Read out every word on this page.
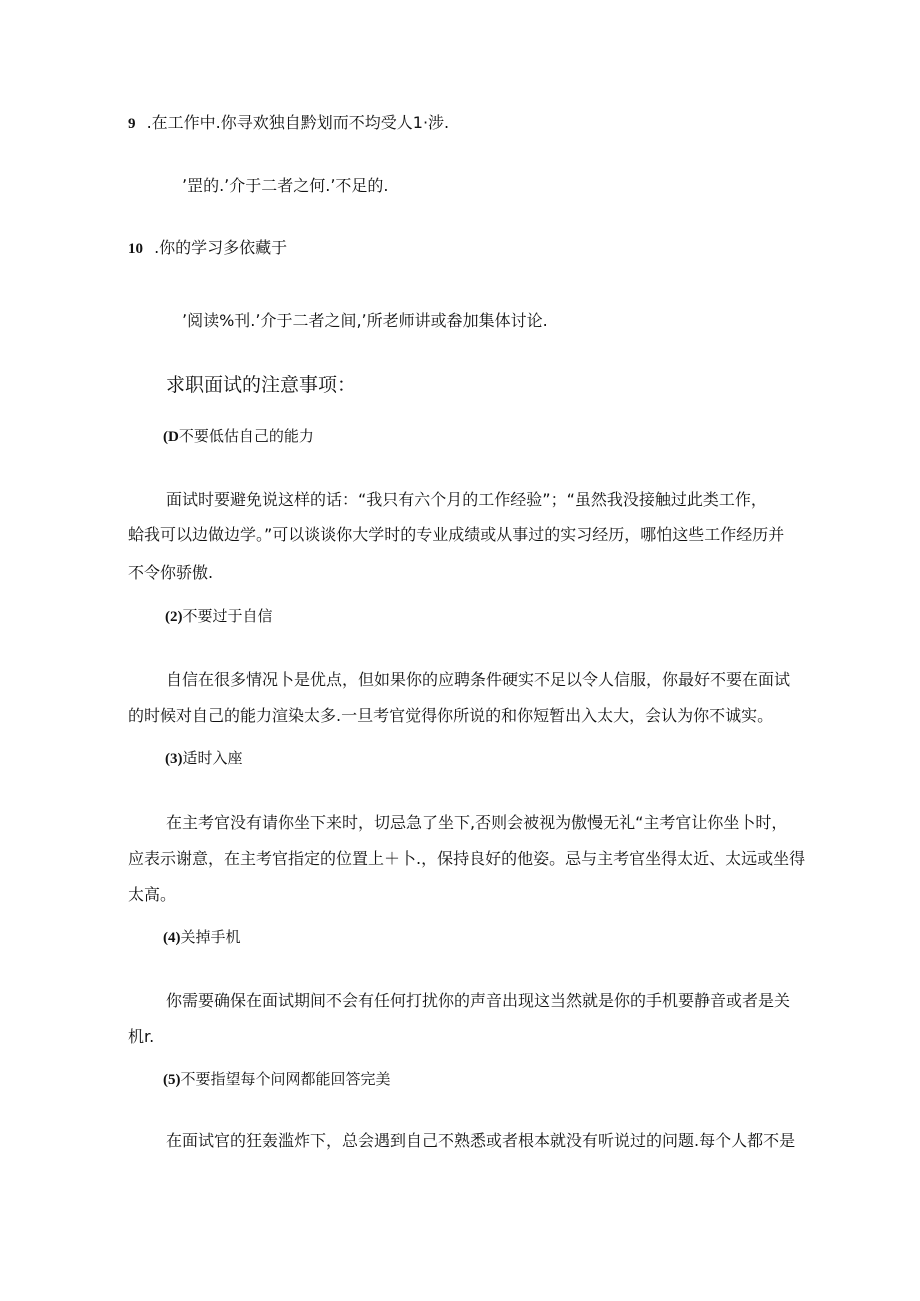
9 .在工作中.你寻欢独自黔划而不均受人1·涉.
ʼ罡的.ʼ介于二者之何.ʼ不足的.
10 .你的学习多依藏于
ʼ阅读%刊.ʼ介于二者之间,ʼ所老师讲或畚加集体讨论.
求职面试的注意事项：
(D不要低估自己的能力
面试时要避免说这样的话：“我只有六个月的工作经验”；“虽然我没接触过此类工作，
蛤我可以边做边学。”可以谈谈你大学时的专业成绩或从事过的实习经历，哪怕这些工作经历并
不令你骄傲.
(2)不要过于自信
自信在很多情况卜是优点，但如果你的应聘条件硬实不足以令人信服，你最好不要在面试
的时候对自己的能力渲染太多.一旦考官觉得你所说的和你短暂出入太大，会认为你不诚实。
(3)适时入座
在主考官没有请你坐下来时，切忌急了坐下,否则会被视为傲慢无礼“主考官让你坐卜时，
应表示谢意，在主考官指定的位置上＋卜.，保持良好的他姿。忌与主考官坐得太近、太远或坐得
太高。
(4)关掉手机
你需要确保在面试期间不会有任何打扰你的声音出现这当然就是你的手机要静音或者是关
机r.
(5)不要指望每个问网都能回答完美
在面试官的狂轰滥炸下，总会遇到自己不熟悉或者根本就没有听说过的问题.每个人都不是
